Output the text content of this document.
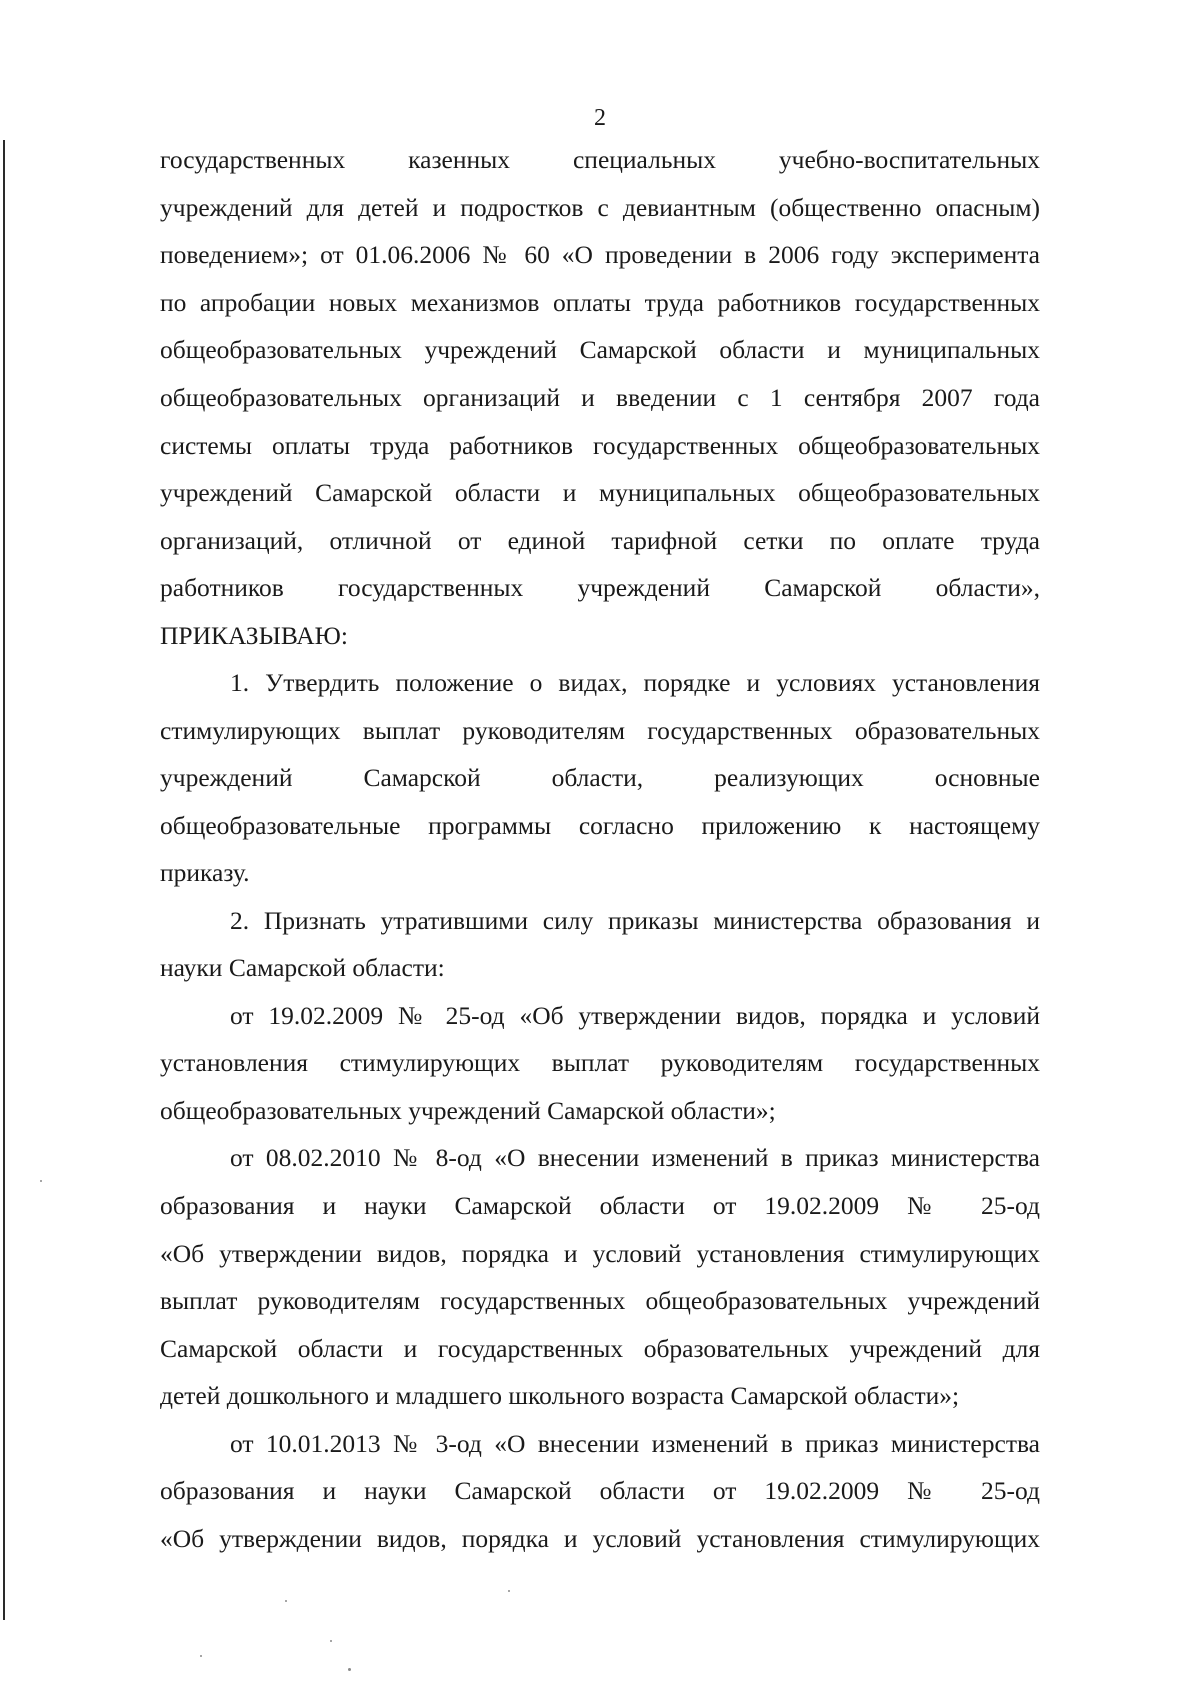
2
государственных казенных специальных учебно-воспитательных
учреждений для детей и подростков с девиантным (общественно опасным)
поведением»; от 01.06.2006 № 60 «О проведении в 2006 году эксперимента
по апробации новых механизмов оплаты труда работников государственных
общеобразовательных учреждений Самарской области и муниципальных
общеобразовательных организаций и введении с 1 сентября 2007 года
системы оплаты труда работников государственных общеобразовательных
учреждений Самарской области и муниципальных общеобразовательных
организаций, отличной от единой тарифной сетки по оплате труда
работников государственных учреждений Самарской области»,
ПРИКАЗЫВАЮ:
1. Утвердить положение о видах, порядке и условиях установления
стимулирующих выплат руководителям государственных образовательных
учреждений Самарской области, реализующих основные
общеобразовательные программы согласно приложению к настоящему
приказу.
2. Признать утратившими силу приказы министерства образования и
науки Самарской области:
от 19.02.2009 № 25-од «Об утверждении видов, порядка и условий
установления стимулирующих выплат руководителям государственных
общеобразовательных учреждений Самарской области»;
от 08.02.2010 № 8-од «О внесении изменений в приказ министерства
образования и науки Самарской области от 19.02.2009 № 25-од
«Об утверждении видов, порядка и условий установления стимулирующих
выплат руководителям государственных общеобразовательных учреждений
Самарской области и государственных образовательных учреждений для
детей дошкольного и младшего школьного возраста Самарской области»;
от 10.01.2013 № 3-од «О внесении изменений в приказ министерства
образования и науки Самарской области от 19.02.2009 № 25-од
«Об утверждении видов, порядка и условий установления стимулирующих
